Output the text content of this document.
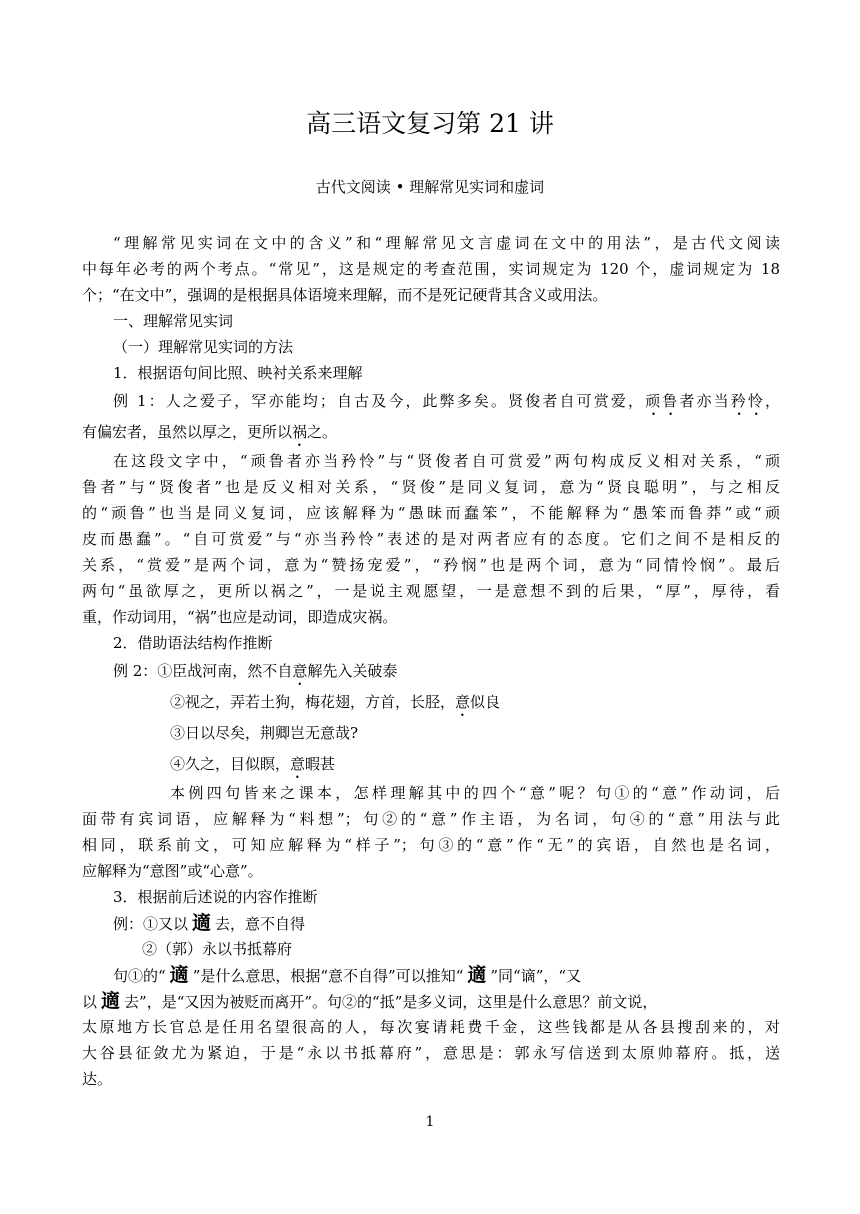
高三语文复习第 21 讲
古代文阅读 • 理解常见实词和虚词
“理解常见实词在文中的含义”和“理解常见文言虚词在文中的用法”，是古代文阅读
中每年必考的两个考点。“常见”，这是规定的考查范围，实词规定为 120 个，虚词规定为 18
个；“在文中”，强调的是根据具体语境来理解，而不是死记硬背其含义或用法。
一、理解常见实词
（一）理解常见实词的方法
1．根据语句间比照、映衬关系来理解
例 1：人之爱子，罕亦能均；自古及今，此弊多矣。贤俊者自可赏爱，顽鲁者亦当矜怜，
有偏宏者，虽然以厚之，更所以祸之。
在这段文字中，“顽鲁者亦当矜怜”与“贤俊者自可赏爱”两句构成反义相对关系，“顽
鲁者”与“贤俊者”也是反义相对关系，“贤俊”是同义复词，意为“贤良聪明”，与之相反
的“顽鲁”也当是同义复词，应该解释为“愚昧而蠢笨”，不能解释为“愚笨而鲁莽”或“顽
皮而愚蠢”。“自可赏爱”与“亦当矜怜”表述的是对两者应有的态度。它们之间不是相反的
关系，“赏爱”是两个词，意为“赞扬宠爱”，“矜悯”也是两个词，意为“同情怜悯”。最后
两句“虽欲厚之，更所以祸之”，一是说主观愿望，一是意想不到的后果，“厚”，厚待，看
重，作动词用，“祸”也应是动词，即造成灾祸。
2．借助语法结构作推断
例 2：①臣战河南，然不自意解先入关破泰
②视之，弄若土狗，梅花翅，方首，长胫，意似良
③日以尽矣，荆卿岂无意哉?
④久之，目似瞑，意暇甚
本例四句皆来之课本，怎样理解其中的四个“意”呢？句①的“意”作动词，后
面带有宾词语，应解释为“料想”；句②的“意”作主语，为名词，句④的“意”用法与此
相同，联系前文，可知应解释为“样子”；句③的“意”作“无”的宾语，自然也是名词，
应解释为“意图”或“心意”。
3．根据前后述说的内容作推断
例：①又以 適 去，意不自得
②（郭）永以书抵幕府
句①的“ 適 ”是什么意思，根据“意不自得”可以推知“ 適 ”同“谪”，“又
以 適 去”，是“又因为被贬而离开”。句②的“抵”是多义词，这里是什么意思？前文说，
太原地方长官总是任用名望很高的人，每次宴请耗费千金，这些钱都是从各县搜刮来的，对
大谷县征敛尤为紧迫，于是“永以书抵幕府”，意思是：郭永写信送到太原帅幕府。抵，送
达。
1
